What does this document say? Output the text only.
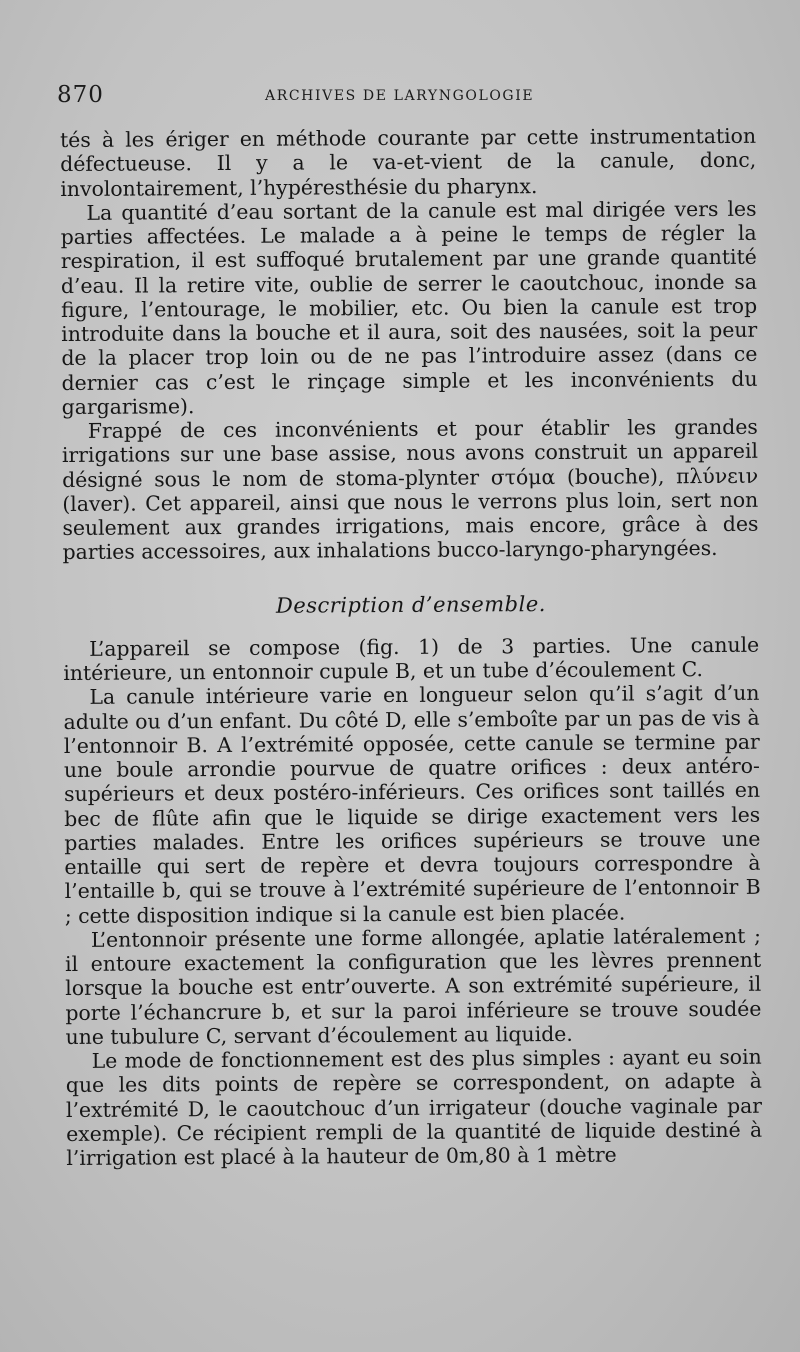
870	ARCHIVES DE LARYNGOLOGIE

tés à les ériger en méthode courante par cette instrumentation défectueuse. Il y a le va-et-vient de la canule, donc, involontairement, l’hypéresthésie du pharynx.

La quantité d’eau sortant de la canule est mal dirigée vers les parties affectées. Le malade a à peine le temps de régler la respiration, il est suffoqué brutalement par une grande quantité d’eau. Il la retire vite, oublie de serrer le caoutchouc, inonde sa figure, l’entourage, le mobilier, etc. Ou bien la canule est trop introduite dans la bouche et il aura, soit des nausées, soit la peur de la placer trop loin ou de ne pas l’introduire assez (dans ce dernier cas c’est le rinçage simple et les inconvénients du gargarisme).

Frappé de ces inconvénients et pour établir les grandes irrigations sur une base assise, nous avons construit un appareil désigné sous le nom de stoma-plynter στόμα (bouche), πλύνειν (laver). Cet appareil, ainsi que nous le verrons plus loin, sert non seulement aux grandes irrigations, mais encore, grâce à des parties accessoires, aux inhalations bucco-laryngo-pharyngées.

Description d’ensemble.

L’appareil se compose (fig. 1) de 3 parties. Une canule intérieure, un entonnoir cupule B, et un tube d’écoulement C.

La canule intérieure varie en longueur selon qu’il s’agit d’un adulte ou d’un enfant. Du côté D, elle s’emboîte par un pas de vis à l’entonnoir B. A l’extrémité opposée, cette canule se termine par une boule arrondie pourvue de quatre orifices : deux antéro-supérieurs et deux postéro-inférieurs. Ces orifices sont taillés en bec de flûte afin que le liquide se dirige exactement vers les parties malades. Entre les orifices supérieurs se trouve une entaille qui sert de repère et devra toujours correspondre à l’entaille b, qui se trouve à l’extrémité supérieure de l’entonnoir B ; cette disposition indique si la canule est bien placée.

L’entonnoir présente une forme allongée, aplatie latéralement ; il entoure exactement la configuration que les lèvres prennent lorsque la bouche est entr’ouverte. A son extrémité supérieure, il porte l’échancrure b, et sur la paroi inférieure se trouve soudée une tubulure C, servant d’écoulement au liquide.

Le mode de fonctionnement est des plus simples : ayant eu soin que les dits points de repère se correspondent, on adapte à l’extrémité D, le caoutchouc d’un irrigateur (douche vaginale par exemple). Ce récipient rempli de la quantité de liquide destiné à l’irrigation est placé à la hauteur de 0m,80 à 1 mètre
